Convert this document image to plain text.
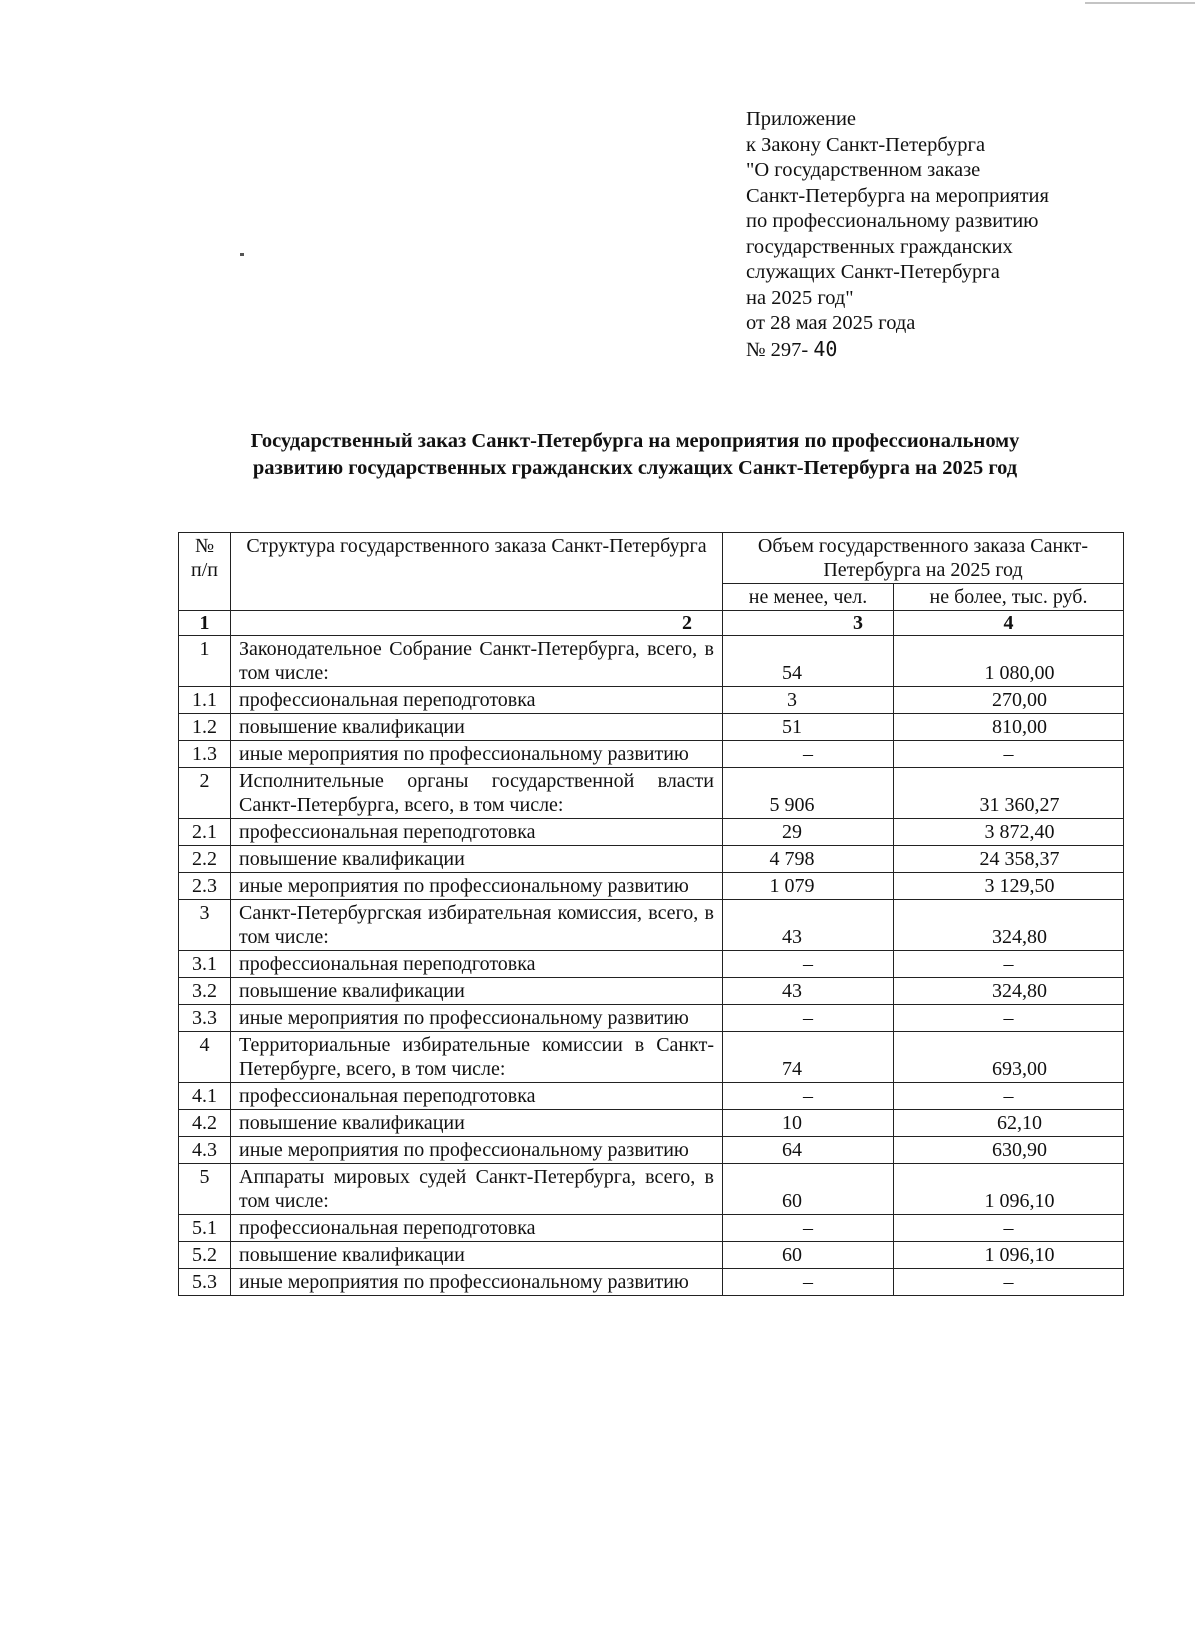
Приложение
к Закону Санкт-Петербурга
"О государственном заказе
Санкт-Петербурга на мероприятия
по профессиональному развитию
государственных гражданских
служащих Санкт-Петербурга
на 2025 год"
от 28 мая 2025 года
№ 297- 40
Государственный заказ Санкт-Петербурга на мероприятия по профессиональному
развитию государственных гражданских служащих Санкт-Петербурга на 2025 год
№ п/п	Структура государственного заказа Санкт-Петербурга	Объем государственного заказа Санкт-Петербурга на 2025 год	
		не менее, чел.	не более, тыс. руб.
1	2	3	4
1	Законодательное Собрание Санкт-Петербурга, всего, в том числе:	54	1 080,00
1.1	профессиональная переподготовка	3	270,00
1.2	повышение квалификации	51	810,00
1.3	иные мероприятия по профессиональному развитию	–	–
2	Исполнительные органы государственной власти Санкт-Петербурга, всего, в том числе:	5 906	31 360,27
2.1	профессиональная переподготовка	29	3 872,40
2.2	повышение квалификации	4 798	24 358,37
2.3	иные мероприятия по профессиональному развитию	1 079	3 129,50
3	Санкт-Петербургская избирательная комиссия, всего, в том числе:	43	324,80
3.1	профессиональная переподготовка	–	–
3.2	повышение квалификации	43	324,80
3.3	иные мероприятия по профессиональному развитию	–	–
4	Территориальные избирательные комиссии в Санкт-Петербурге, всего, в том числе:	74	693,00
4.1	профессиональная переподготовка	–	–
4.2	повышение квалификации	10	62,10
4.3	иные мероприятия по профессиональному развитию	64	630,90
5	Аппараты мировых судей Санкт-Петербурга, всего, в том числе:	60	1 096,10
5.1	профессиональная переподготовка	–	–
5.2	повышение квалификации	60	1 096,10
5.3	иные мероприятия по профессиональному развитию	–	–
